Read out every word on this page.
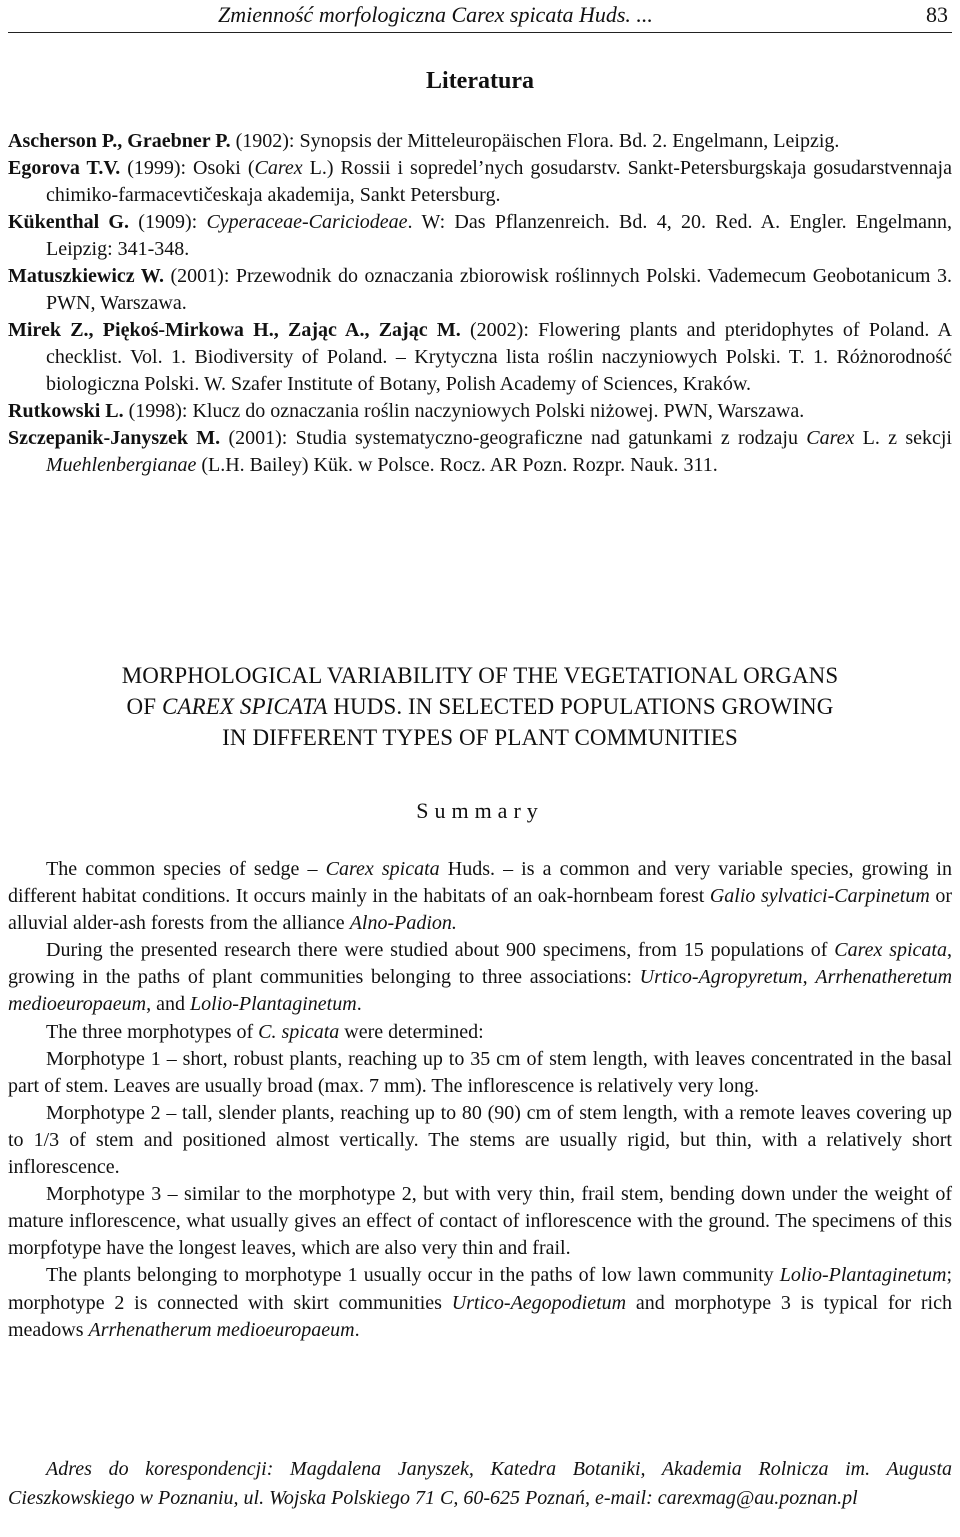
Zmienność morfologiczna Carex spicata Huds. ...	83
Literatura
Ascherson P., Graebner P. (1902): Synopsis der Mitteleuropäischen Flora. Bd. 2. Engelmann, Leipzig.
Egorova T.V. (1999): Osoki (Carex L.) Rossii i sopredel’nych gosudarstv. Sankt-Petersburgskaja gosudarstvennaja chimiko-farmacevtičeskaja akademija, Sankt Petersburg.
Kükenthal G. (1909): Cyperaceae-Cariciodeae. W: Das Pflanzenreich. Bd. 4, 20. Red. A. Engler. Engelmann, Leipzig: 341-348.
Matuszkiewicz W. (2001): Przewodnik do oznaczania zbiorowisk roślinnych Polski. Vademecum Geobotanicum 3. PWN, Warszawa.
Mirek Z., Piękoś-Mirkowa H., Zając A., Zając M. (2002): Flowering plants and pteridophytes of Poland. A checklist. Vol. 1. Biodiversity of Poland. – Krytyczna lista roślin naczyniowych Polski. T. 1. Różnorodność biologiczna Polski. W. Szafer Institute of Botany, Polish Academy of Sciences, Kraków.
Rutkowski L. (1998): Klucz do oznaczania roślin naczyniowych Polski niżowej. PWN, Warszawa.
Szczepanik-Janyszek M. (2001): Studia systematyczno-geograficzne nad gatunkami z rodzaju Carex L. z sekcji Muehlenbergianae (L.H. Bailey) Kük. w Polsce. Rocz. AR Pozn. Rozpr. Nauk. 311.
MORPHOLOGICAL VARIABILITY OF THE VEGETATIONAL ORGANS
OF CAREX SPICATA HUDS. IN SELECTED POPULATIONS GROWING
IN DIFFERENT TYPES OF PLANT COMMUNITIES
Summary

The common species of sedge – Carex spicata Huds. – is a common and very variable species, growing in different habitat conditions. It occurs mainly in the habitats of an oak-hornbeam forest Galio sylvatici-Carpinetum or alluvial alder-ash forests from the alliance Alno-Padion.

During the presented research there were studied about 900 specimens, from 15 populations of Carex spicata, growing in the paths of plant communities belonging to three associations: Urtico-Agropyretum, Arrhenatheretum medioeuropaeum, and Lolio-Plantaginetum.

The three morphotypes of C. spicata were determined:

Morphotype 1 – short, robust plants, reaching up to 35 cm of stem length, with leaves concentrated in the basal part of stem. Leaves are usually broad (max. 7 mm). The inflorescence is relatively very long.

Morphotype 2 – tall, slender plants, reaching up to 80 (90) cm of stem length, with a remote leaves covering up to 1/3 of stem and positioned almost vertically. The stems are usually rigid, but thin, with a relatively short inflorescence.

Morphotype 3 – similar to the morphotype 2, but with very thin, frail stem, bending down under the weight of mature inflorescence, what usually gives an effect of contact of inflorescence with the ground. The specimens of this morpfotype have the longest leaves, which are also very thin and frail.

The plants belonging to morphotype 1 usually occur in the paths of low lawn community Lolio-Plantaginetum; morphotype 2 is connected with skirt communities Urtico-Aegopodietum and morphotype 3 is typical for rich meadows Arrhenatherum medioeuropaeum.

Adres do korespondencji: Magdalena Janyszek, Katedra Botaniki, Akademia Rolnicza im. Augusta Cieszkowskiego w Poznaniu, ul. Wojska Polskiego 71 C, 60-625 Poznań, e-mail: carexmag@au.poznan.pl
